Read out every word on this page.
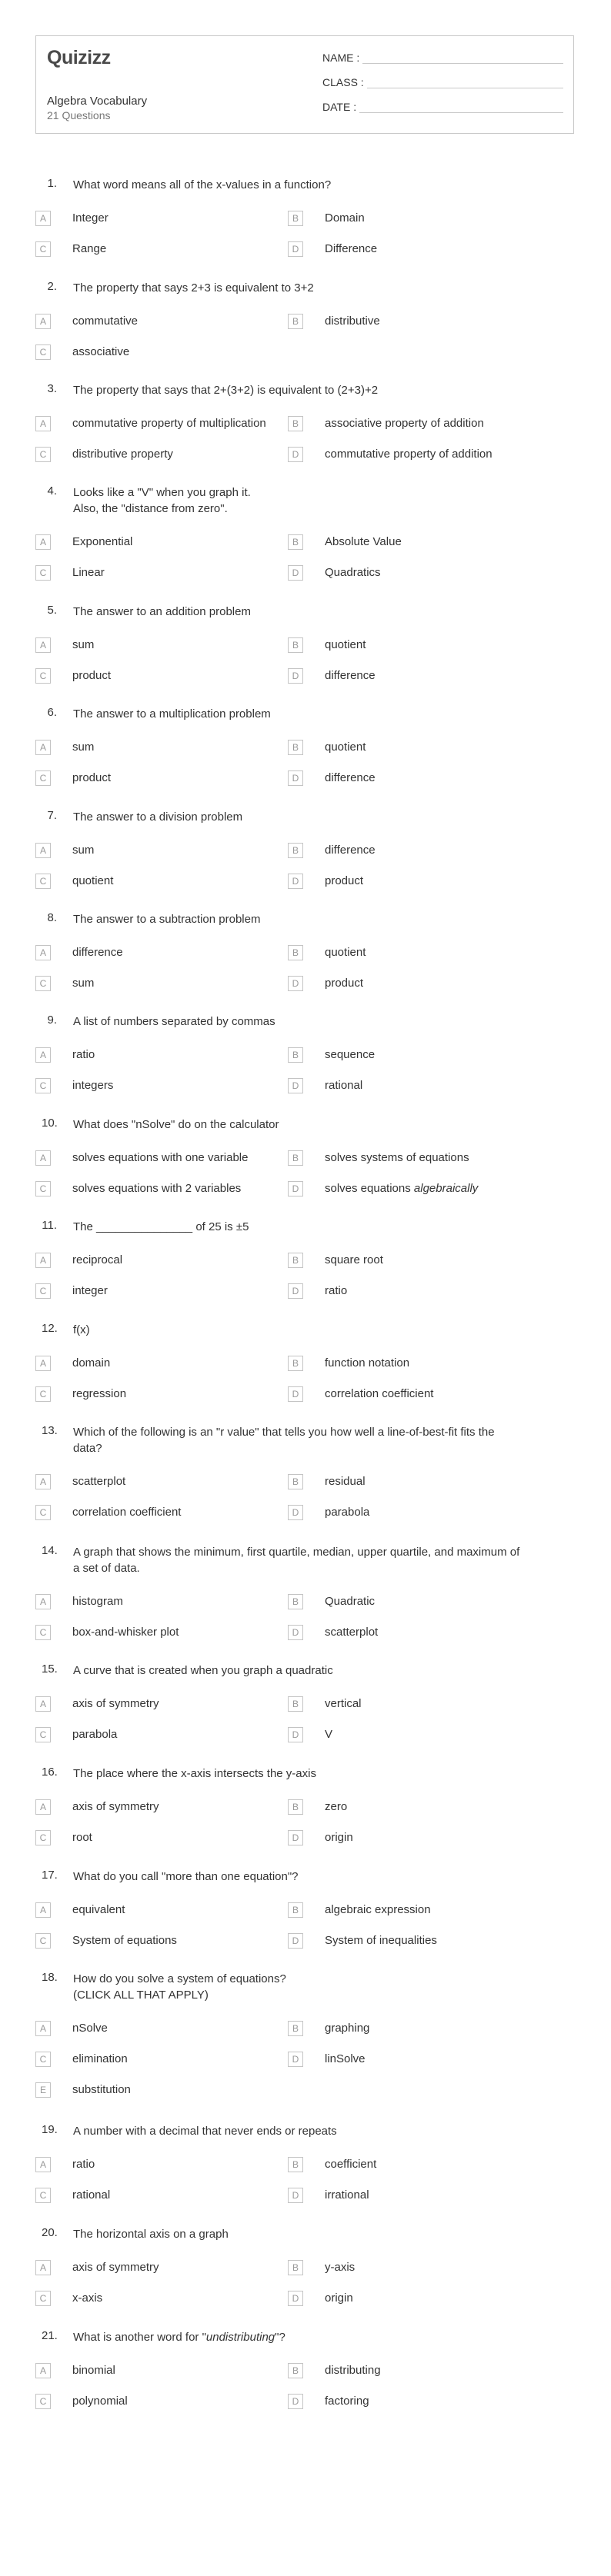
Quizizz
Algebra Vocabulary
21 Questions
NAME :
CLASS :
DATE :
1. What word means all of the x-values in a function?
A	Integer	B	Domain
C	Range	D	Difference
2. The property that says 2+3 is equivalent to 3+2
A	commutative	B	distributive
C	associative
3. The property that says that 2+(3+2) is equivalent to (2+3)+2
A	commutative property of multiplication	B	associative property of addition
C	distributive property	D	commutative property of addition
4. Looks like a "V" when you graph it.
Also, the "distance from zero".
A	Exponential	B	Absolute Value
C	Linear	D	Quadratics
5. The answer to an addition problem
A	sum	B	quotient
C	product	D	difference
6. The answer to a multiplication problem
A	sum	B	quotient
C	product	D	difference
7. The answer to a division problem
A	sum	B	difference
C	quotient	D	product
8. The answer to a subtraction problem
A	difference	B	quotient
C	sum	D	product
9. A list of numbers separated by commas
A	ratio	B	sequence
C	integers	D	rational
10. What does "nSolve" do on the calculator
A	solves equations with one variable	B	solves systems of equations
C	solves equations with 2 variables	D	solves equations algebraically
11. The _______________ of 25 is ±5
A	reciprocal	B	square root
C	integer	D	ratio
12. f(x)
A	domain	B	function notation
C	regression	D	correlation coefficient
13. Which of the following is an "r value" that tells you how well a line-of-best-fit fits the
data?
A	scatterplot	B	residual
C	correlation coefficient	D	parabola
14. A graph that shows the minimum, first quartile, median, upper quartile, and maximum of
a set of data.
A	histogram	B	Quadratic
C	box-and-whisker plot	D	scatterplot
15. A curve that is created when you graph a quadratic
A	axis of symmetry	B	vertical
C	parabola	D	V
16. The place where the x-axis intersects the y-axis
A	axis of symmetry	B	zero
C	root	D	origin
17. What do you call "more than one equation"?
A	equivalent	B	algebraic expression
C	System of equations	D	System of inequalities
18. How do you solve a system of equations?
(CLICK ALL THAT APPLY)
A	nSolve	B	graphing
C	elimination	D	linSolve
E	substitution
19. A number with a decimal that never ends or repeats
A	ratio	B	coefficient
C	rational	D	irrational
20. The horizontal axis on a graph
A	axis of symmetry	B	y-axis
C	x-axis	D	origin
21. What is another word for "undistributing"?
A	binomial	B	distributing
C	polynomial	D	factoring
